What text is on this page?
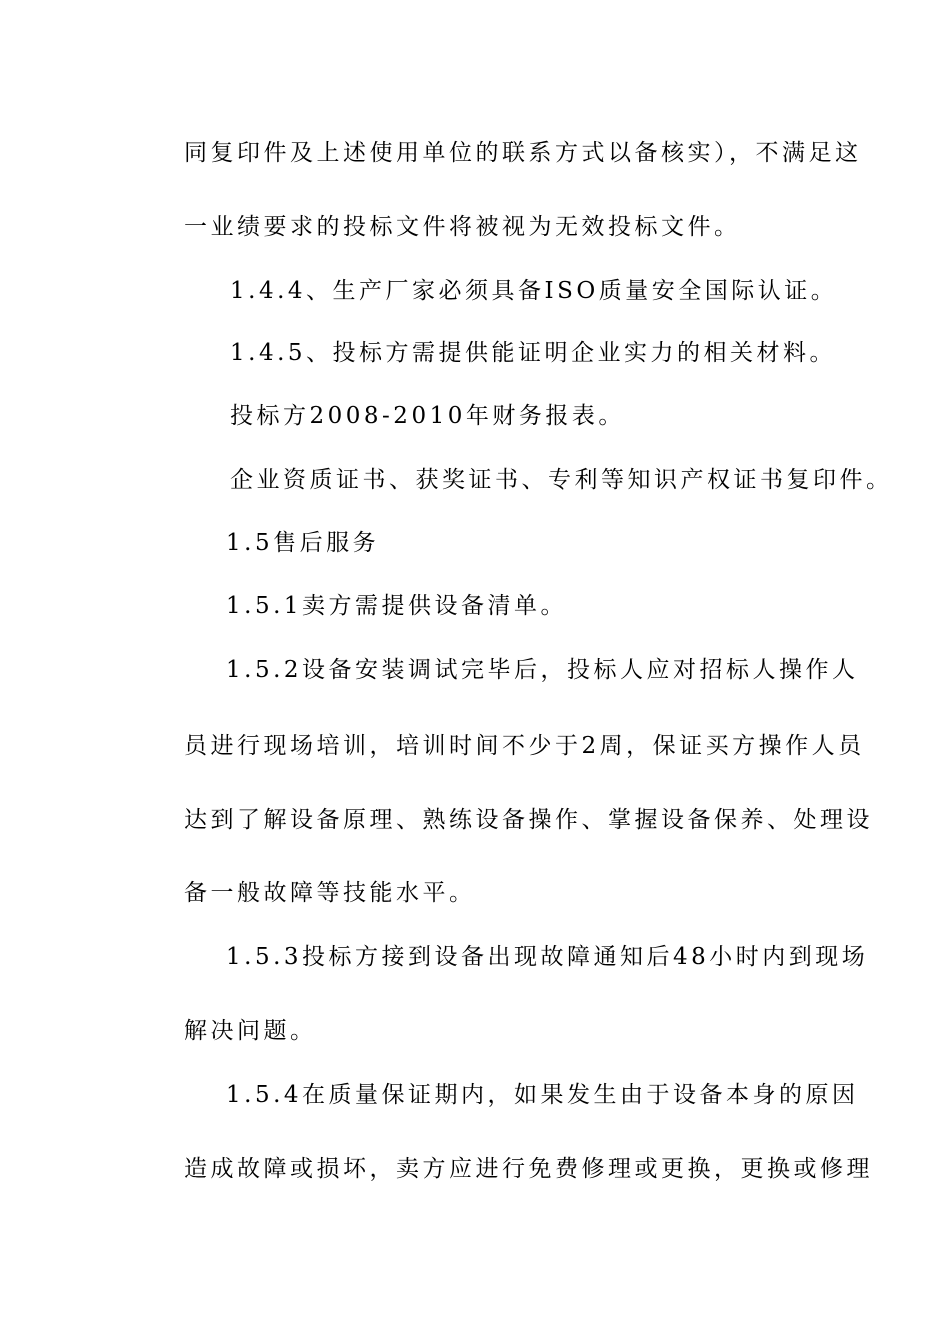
同复印件及上述使用单位的联系方式以备核实），不满足这
一业绩要求的投标文件将被视为无效投标文件。
1.4.4、生产厂家必须具备ISO质量安全国际认证。
1.4.5、投标方需提供能证明企业实力的相关材料。
投标方2008-2010年财务报表。
企业资质证书、获奖证书、专利等知识产权证书复印件。
1.5售后服务
1.5.1卖方需提供设备清单。
1.5.2设备安装调试完毕后，投标人应对招标人操作人
员进行现场培训，培训时间不少于2周，保证买方操作人员
达到了解设备原理、熟练设备操作、掌握设备保养、处理设
备一般故障等技能水平。
1.5.3投标方接到设备出现故障通知后48小时内到现场
解决问题。
1.5.4在质量保证期内，如果发生由于设备本身的原因
造成故障或损坏，卖方应进行免费修理或更换，更换或修理
